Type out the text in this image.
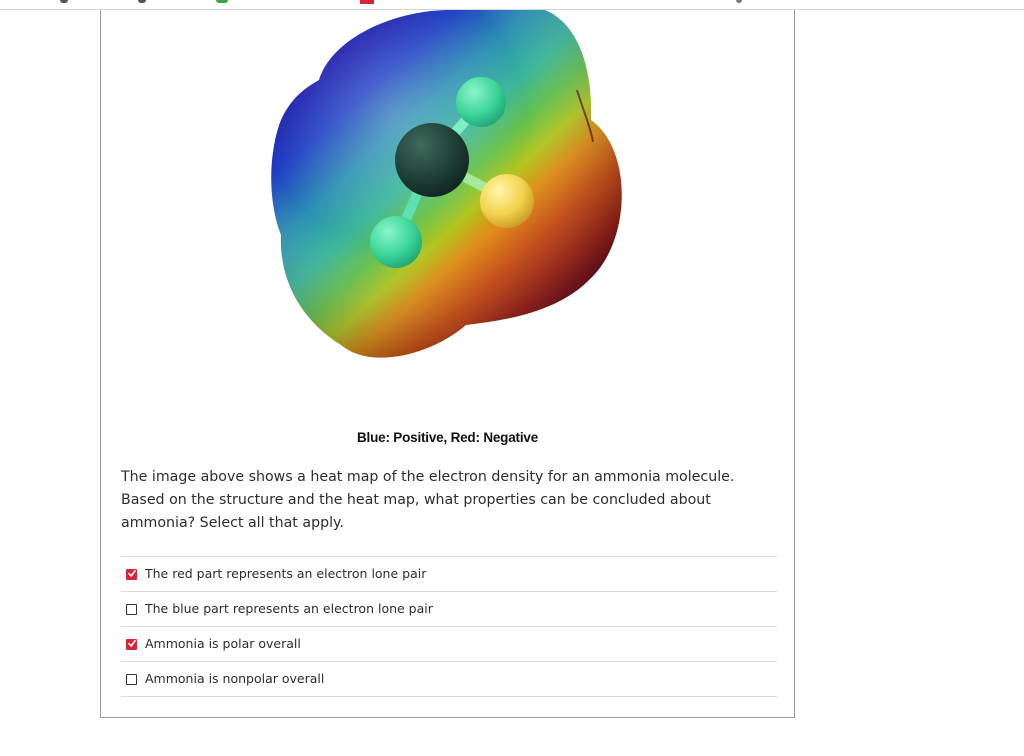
Blue: Positive, Red: Negative
The image above shows a heat map of the electron density for an ammonia molecule. Based on the structure and the heat map, what properties can be concluded about ammonia? Select all that apply.
The red part represents an electron lone pair
The blue part represents an electron lone pair
Ammonia is polar overall
Ammonia is nonpolar overall
